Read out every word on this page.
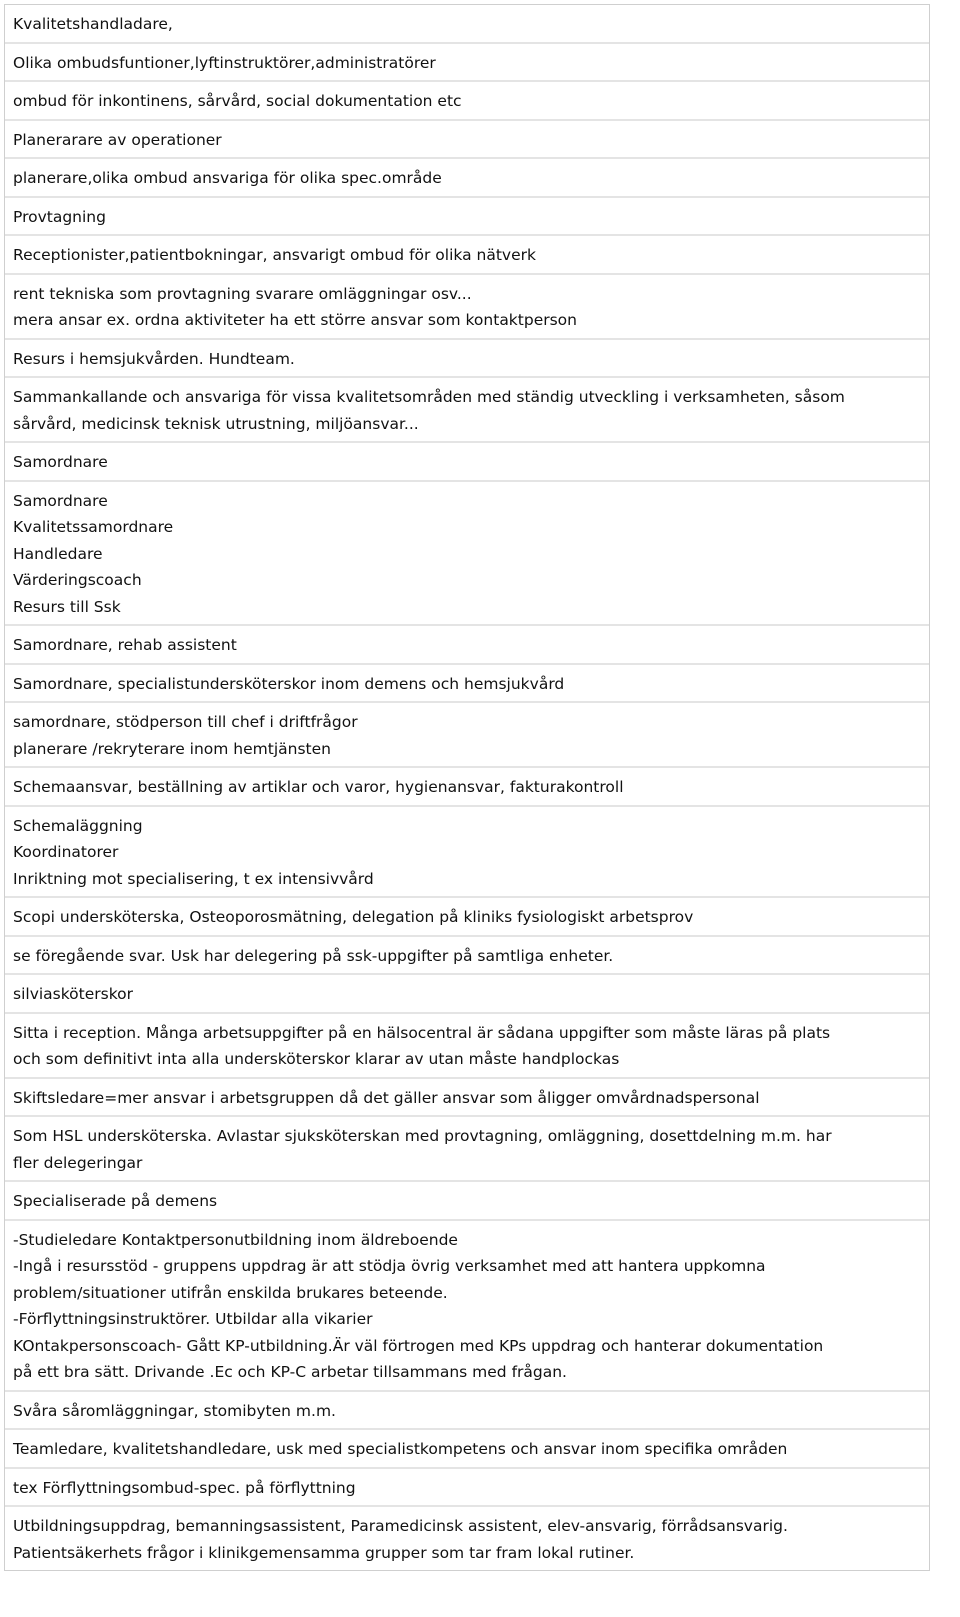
Kvalitetshandladare,
Olika ombudsfuntioner,lyftinstruktörer,administratörer
ombud för inkontinens, sårvård, social dokumentation etc
Planerarare av operationer
planerare,olika ombud ansvariga för olika spec.område
Provtagning
Receptionister,patientbokningar, ansvarigt ombud för olika nätverk
rent tekniska som provtagning svarare omläggningar osv...
mera ansar ex. ordna aktiviteter ha ett större ansvar som kontaktperson
Resurs i hemsjukvården. Hundteam.
Sammankallande och ansvariga för vissa kvalitetsområden med ständig utveckling i verksamheten, såsom
sårvård, medicinsk teknisk utrustning, miljöansvar...
Samordnare
Samordnare
Kvalitetssamordnare
Handledare
Värderingscoach
Resurs till Ssk
Samordnare, rehab assistent
Samordnare, specialistundersköterskor inom demens och hemsjukvård
samordnare, stödperson till chef i driftfrågor
planerare /rekryterare inom hemtjänsten
Schemaansvar, beställning av artiklar och varor, hygienansvar, fakturakontroll
Schemaläggning
Koordinatorer
Inriktning mot specialisering, t ex intensivvård
Scopi undersköterska, Osteoporosmätning, delegation på kliniks fysiologiskt arbetsprov
se föregående svar. Usk har delegering på ssk-uppgifter på samtliga enheter.
silviasköterskor
Sitta i reception. Många arbetsuppgifter på en hälsocentral är sådana uppgifter som måste läras på plats
och som definitivt inta alla undersköterskor klarar av utan måste handplockas
Skiftsledare=mer ansvar i arbetsgruppen då det gäller ansvar som åligger omvårdnadspersonal
Som HSL undersköterska. Avlastar sjuksköterskan med provtagning, omläggning, dosettdelning m.m. har
fler delegeringar
Specialiserade på demens
-Studieledare Kontaktpersonutbildning inom äldreboende
-Ingå i resursstöd - gruppens uppdrag är att stödja övrig verksamhet med att hantera uppkomna
problem/situationer utifrån enskilda brukares beteende.
-Förflyttningsinstruktörer. Utbildar alla vikarier
KOntakpersonscoach- Gått KP-utbildning.Är väl förtrogen med KPs uppdrag och hanterar dokumentation
på ett bra sätt. Drivande .Ec och KP-C arbetar tillsammans med frågan.
Svåra såromläggningar, stomibyten m.m.
Teamledare, kvalitetshandledare, usk med specialistkompetens och ansvar inom specifika områden
tex Förflyttningsombud-spec. på förflyttning
Utbildningsuppdrag, bemanningsassistent, Paramedicinsk assistent, elev-ansvarig, förrådsansvarig.
Patientsäkerhets frågor i klinikgemensamma grupper som tar fram lokal rutiner.
